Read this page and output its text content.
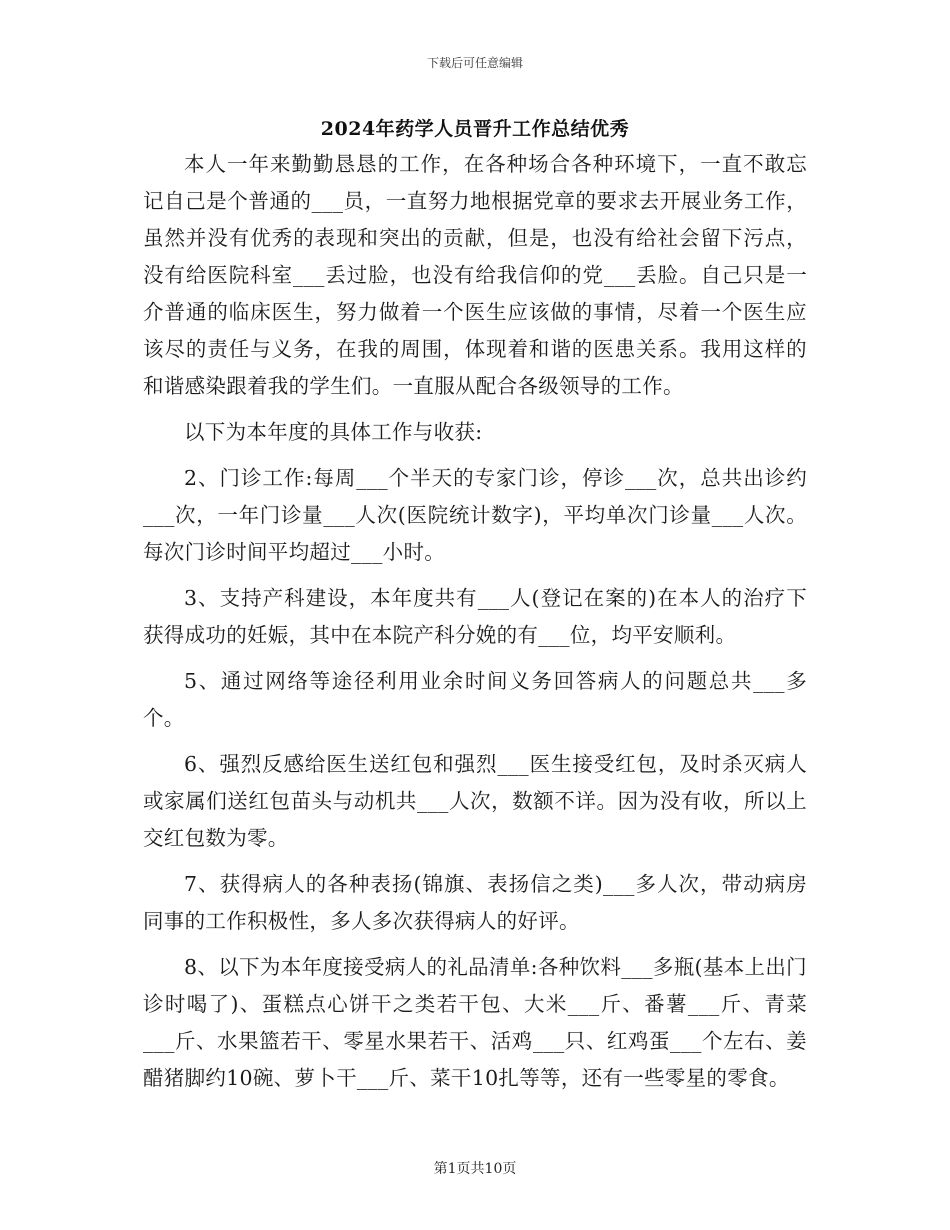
下载后可任意编辑
2024年药学人员晋升工作总结优秀

本人一年来勤勤恳恳的工作，在各种场合各种环境下，一直不敢忘记自己是个普通的___员，一直努力地根据党章的要求去开展业务工作，虽然并没有优秀的表现和突出的贡献，但是，也没有给社会留下污点，没有给医院科室___丢过脸，也没有给我信仰的党___丢脸。自己只是一介普通的临床医生，努力做着一个医生应该做的事情，尽着一个医生应该尽的责任与义务，在我的周围，体现着和谐的医患关系。我用这样的和谐感染跟着我的学生们。一直服从配合各级领导的工作。

以下为本年度的具体工作与收获:

2、门诊工作:每周___个半天的专家门诊，停诊___次，总共出诊约___次，一年门诊量___人次(医院统计数字)，平均单次门诊量___人次。每次门诊时间平均超过___小时。

3、支持产科建设，本年度共有___人(登记在案的)在本人的治疗下获得成功的妊娠，其中在本院产科分娩的有___位，均平安顺利。

5、通过网络等途径利用业余时间义务回答病人的问题总共___多个。

6、强烈反感给医生送红包和强烈___医生接受红包，及时杀灭病人或家属们送红包苗头与动机共___人次，数额不详。因为没有收，所以上交红包数为零。

7、获得病人的各种表扬(锦旗、表扬信之类)___多人次，带动病房同事的工作积极性，多人多次获得病人的好评。

8、以下为本年度接受病人的礼品清单:各种饮料___多瓶(基本上出门诊时喝了)、蛋糕点心饼干之类若干包、大米___斤、番薯___斤、青菜___斤、水果篮若干、零星水果若干、活鸡___只、红鸡蛋___个左右、姜醋猪脚约10碗、萝卜干___斤、菜干10扎等等，还有一些零星的零食。

第1页共10页
